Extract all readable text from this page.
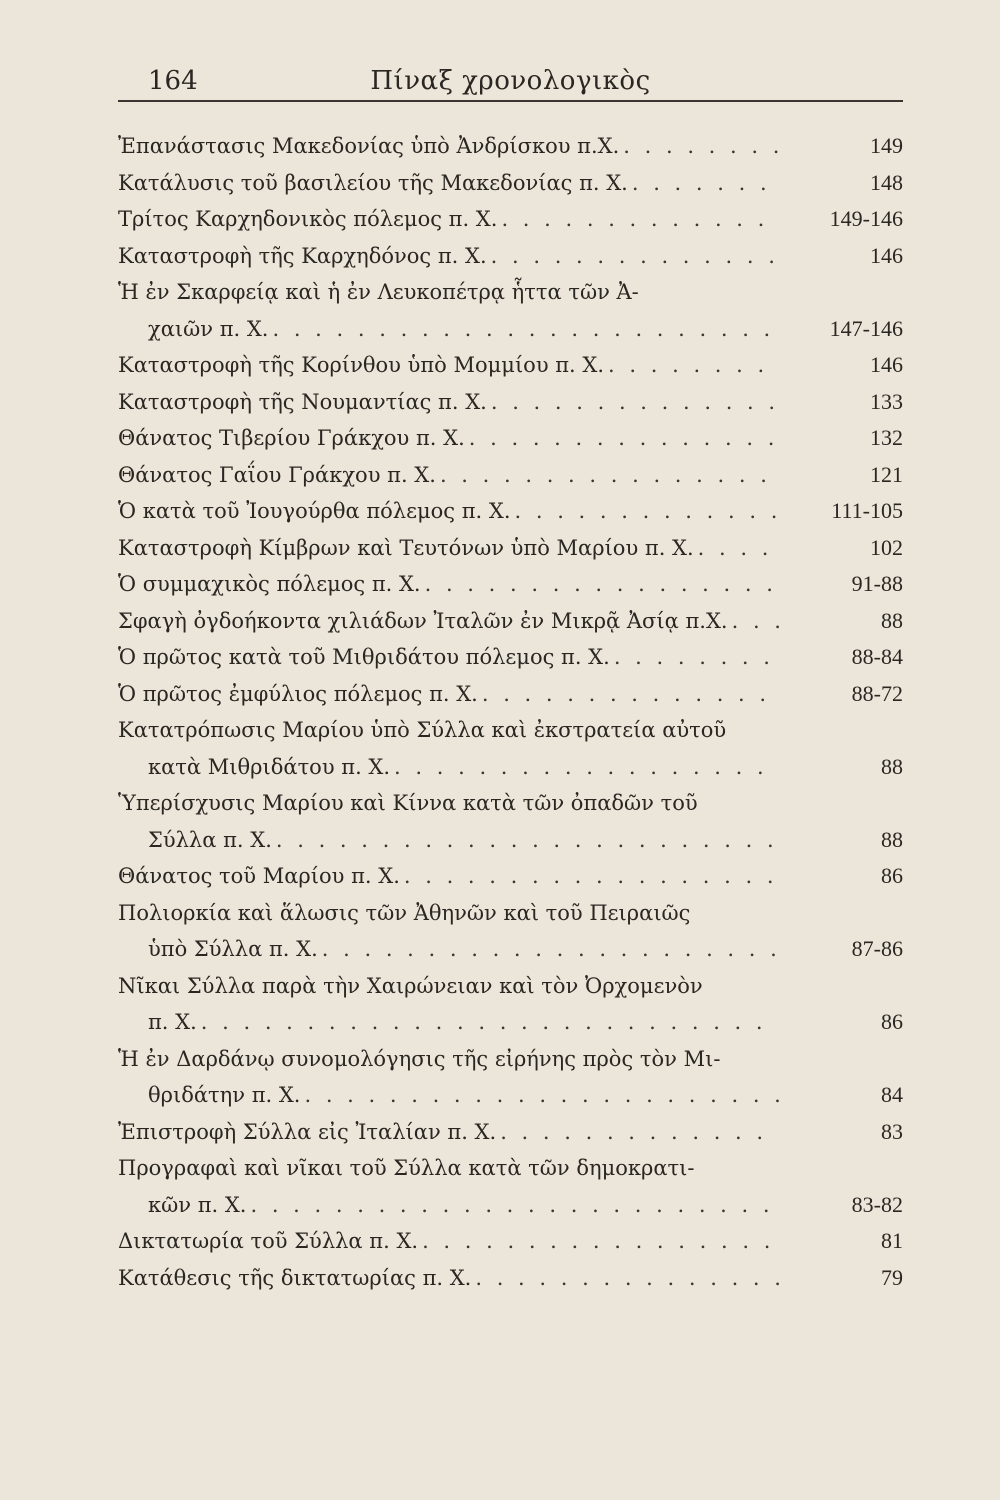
164	Πίναξ χρονολογικὸς
Ἐπανάστασις Μακεδονίας ὑπὸ Ἀνδρίσκου π.Χ. . . .	149
Κατάλυσις τοῦ βασιλείου τῆς Μακεδονίας π. Χ. . . .	148
Τρίτος Καρχηδονικὸς πόλεμος π. Χ. . . .	149-146
Καταστροφὴ τῆς Καρχηδόνος π. Χ. . . .	146
Ἡ ἐν Σκαρφείᾳ καὶ ἡ ἐν Λευκοπέτρᾳ ἧττα τῶν Ἀ-
χαιῶν π. Χ. . . .	147-146
Καταστροφὴ τῆς Κορίνθου ὑπὸ Μομμίου π. Χ. . . .	146
Καταστροφὴ τῆς Νουμαντίας π. Χ. . . .	133
Θάνατος Τιβερίου Γράκχου π. Χ. . . .	132
Θάνατος Γαΐου Γράκχου π. Χ. . . .	121
Ὁ κατὰ τοῦ Ἰουγούρθα πόλεμος π. Χ. . . .	111-105
Καταστροφὴ Κίμβρων καὶ Τευτόνων ὑπὸ Μαρίου π. Χ. . . .	102
Ὁ συμμαχικὸς πόλεμος π. Χ. . . .	91-88
Σφαγὴ ὀγδοήκοντα χιλιάδων Ἰταλῶν ἐν Μικρᾷ Ἀσίᾳ π.Χ. . . .	88
Ὁ πρῶτος κατὰ τοῦ Μιθριδάτου πόλεμος π. Χ. . . .	88-84
Ὁ πρῶτος ἐμφύλιος πόλεμος π. Χ. . . .	88-72
Κατατρόπωσις Μαρίου ὑπὸ Σύλλα καὶ ἐκστρατεία αὐτοῦ
κατὰ Μιθριδάτου π. Χ. . . .	88
Ὑπερίσχυσις Μαρίου καὶ Κίννα κατὰ τῶν ὀπαδῶν τοῦ
Σύλλα π. Χ. . . .	88
Θάνατος τοῦ Μαρίου π. Χ. . . .	86
Πολιορκία καὶ ἅλωσις τῶν Ἀθηνῶν καὶ τοῦ Πειραιῶς
ὑπὸ Σύλλα π. Χ. . . .	87-86
Νῖκαι Σύλλα παρὰ τὴν Χαιρώνειαν καὶ τὸν Ὀρχομενὸν
π. Χ. . . .	86
Ἡ ἐν Δαρδάνῳ συνομολόγησις τῆς εἰρήνης πρὸς τὸν Μι-
θριδάτην π. Χ. . . .	84
Ἐπιστροφὴ Σύλλα εἰς Ἰταλίαν π. Χ. . . .	83
Προγραφαὶ καὶ νῖκαι τοῦ Σύλλα κατὰ τῶν δημοκρατι-
κῶν π. Χ. . . .	83-82
Δικτατωρία τοῦ Σύλλα π. Χ. . . .	81
Κατάθεσις τῆς δικτατωρίας π. Χ. . . .	79
